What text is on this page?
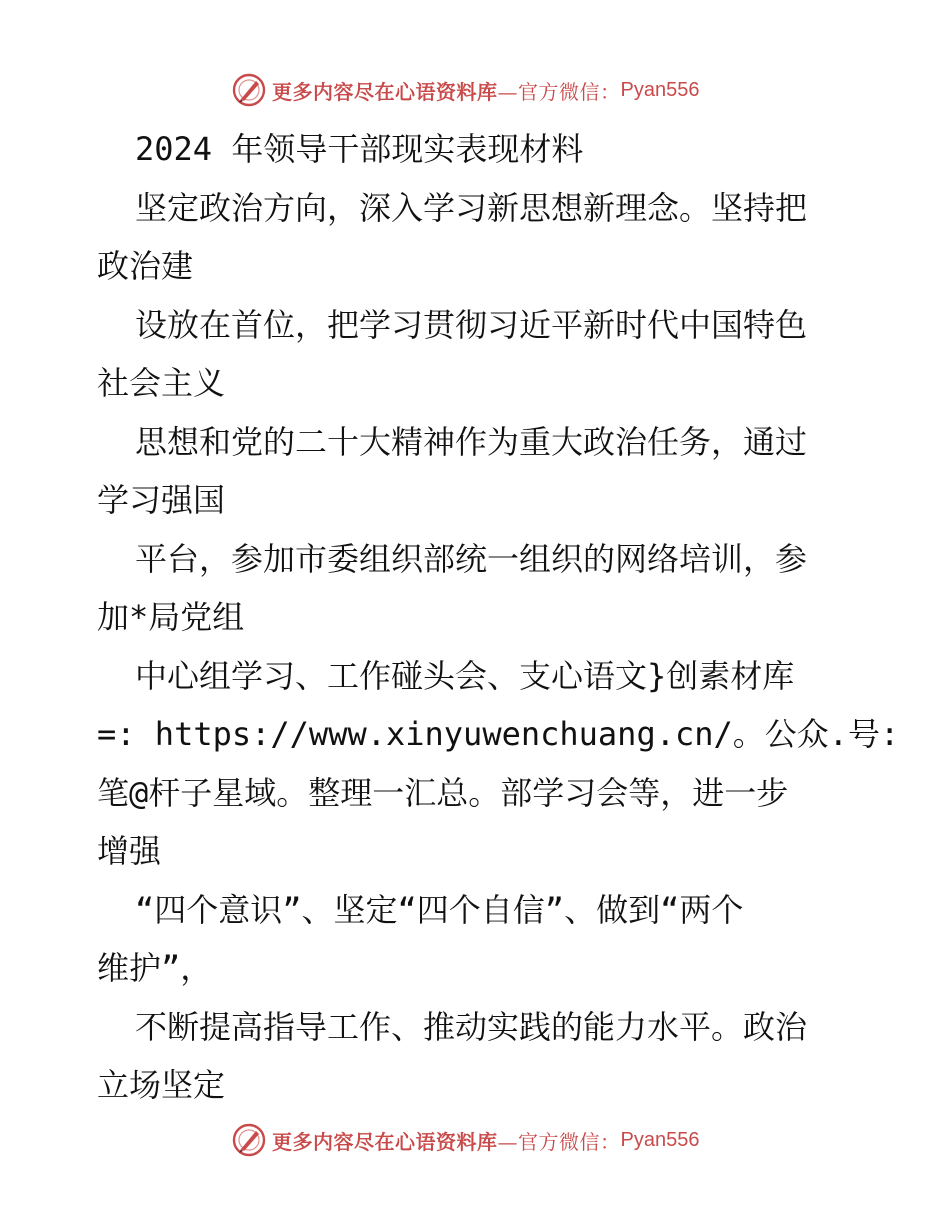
更多内容尽在心语资料库 —官方微信： Pyan556
2024 年领导干部现实表现材料
坚定政治方向，深入学习新思想新理念。坚持把
政治建
设放在首位，把学习贯彻习近平新时代中国特色
社会主义
思想和党的二十大精神作为重大政治任务，通过
学习强国
平台，参加市委组织部统一组织的网络培训，参
加*局党组
中心组学习、工作碰头会、支心语文}创素材库
=: https://www.xinyuwenchuang.cn/。公众.号:
笔@杆子星域。整理一汇总。部学习会等，进一步
增强
“四个意识”、坚定“四个自信”、做到“两个
维护”，
不断提高指导工作、推动实践的能力水平。政治
立场坚定
更多内容尽在心语资料库 —官方微信： Pyan556
